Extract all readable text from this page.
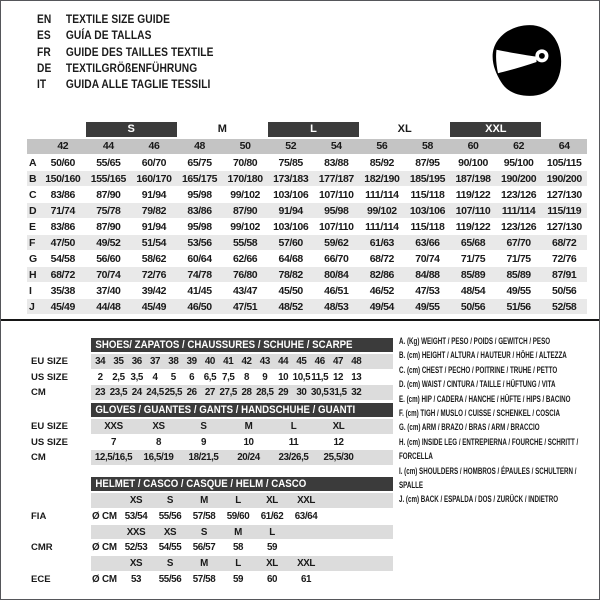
EN	TEXTILE SIZE GUIDE
ES	GUÍA DE TALLAS
FR	GUIDE DES TAILLES TEXTILE
DE	TEXTILGRÖßENFÜHRUNG
IT	GUIDA ALLE TAGLIE TESSILI
S	M	L	XL	XXL
42	44	46	48	50	52	54	56	58	60	62	64
A	50/60	55/65	60/70	65/75	70/80	75/85	83/88	85/92	87/95	90/100	95/100	105/115
B 150/160 155/165 160/170 165/175 170/180 173/183 177/187 182/190 185/195 187/198 190/200 190/200
C	83/86	87/90	91/94	95/98	99/102	103/106	107/110	111/114	115/118	119/122	123/126 127/130
D	71/74	75/78	79/82	83/86	87/90	91/94	95/98	99/102	103/106	107/110	111/114	115/119
E	83/86	87/90	91/94	95/98	99/102	103/106	107/110	111/114	115/118	119/122	123/126 127/130
F	47/50	49/52	51/54	53/56	55/58	57/60	59/62	61/63	63/66	65/68	67/70	68/72
G	54/58	56/60	58/62	60/64	62/66	64/68	66/70	68/72	70/74	71/75	71/75	72/76
H	68/72	70/74	72/76	74/78	76/80	78/82	80/84	82/86	84/88	85/89	85/89	87/91
I	35/38	37/40	39/42	41/45	43/47	45/50	46/51	46/52	47/53	48/54	49/55	50/56
J	45/49	44/48	45/49	46/50	47/51	48/52	48/53	49/54	49/55	50/56	51/56	52/58
SHOES/ ZAPATOS / CHAUSSURES / SCHUHE / SCARPE
EU SIZE	34 35 36 37 38 39 40 41 42 43 44 45 46 47 48
US SIZE	2 2,5 3,5 4	5	6 6,5 7,5 8	9	10 10,5 11,5 12 13
CM	23 23,5 24 24,5 25,5 26 27 27,5 28 28,5 29 30 30,5 31,5 32
GLOVES / GUANTES / GANTS / HANDSCHUHE / GUANTI
EU SIZE	XXS	XS	S	M	L	XL
US SIZE	7	8	9	10	11	12
CM	12,5/16,5	16,5/19	18/21,5	20/24	23/26,5	25,5/30
HELMET / CASCO / CASQUE / HELM / CASCO
XS	S	M	L	XL	XXL
FIA	Ø CM 53/54	55/56	57/58	59/60	61/62	63/64
XXS	XS	S	M	L
CMR	Ø CM 52/53	54/55	56/57	58	59
XS	S	M	L	XL	XXL
ECE	Ø CM	53	55/56	57/58	59	60	61
A. (Kg) WEIGHT / PESO / POIDS / GEWITCH / PESO
B. (cm) HEIGHT / ALTURA / HAUTEUR / HÖHE / ALTEZZA
C. (cm) CHEST / PECHO / POITRINE / TRUHE / PETTO
D. (cm) WAIST / CINTURA / TAILLE / HÜFTUNG / VITA
E. (cm) HIP / CADERA / HANCHE / HÜFTE / HIPS / BACINO
F. (cm) TIGH / MUSLO / CUISSE / SCHENKEL / COSCIA
G. (cm) ARM / BRAZO / BRAS / ARM / BRACCIO
H. (cm) INSIDE LEG / ENTREPIERNA / FOURCHE / SCHRITT / FORCELLA
I. (cm) SHOULDERS / HOMBROS / ÉPAULES / SCHULTERN / SPALLE
J. (cm) BACK / ESPALDA / DOS / ZURÜCK / INDIETRO
